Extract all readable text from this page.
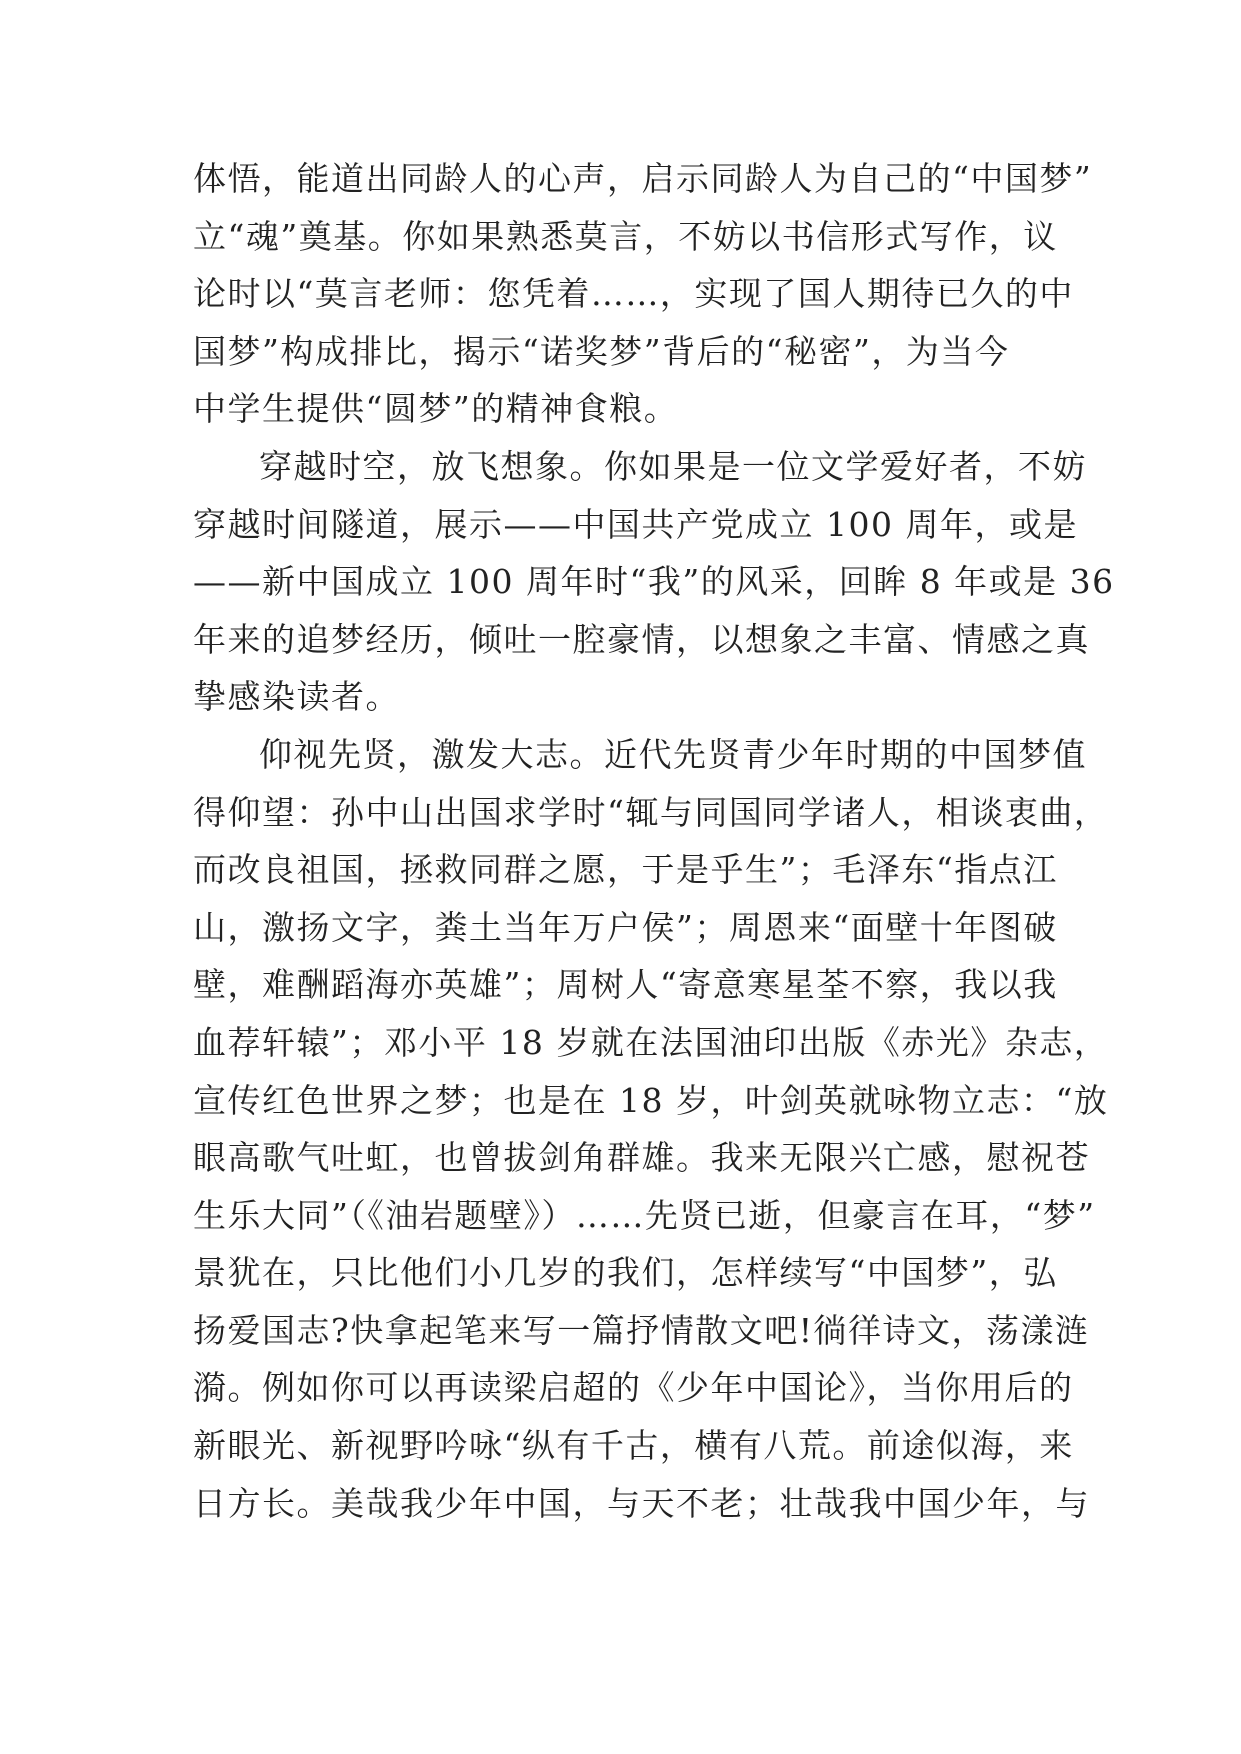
体悟，能道出同龄人的心声，启示同龄人为自己的“中国梦”
立“魂”奠基。你如果熟悉莫言，不妨以书信形式写作，议
论时以“莫言老师：您凭着……，实现了国人期待已久的中
国梦”构成排比，揭示“诺奖梦”背后的“秘密”，为当今
中学生提供“圆梦”的精神食粮。
穿越时空，放飞想象。你如果是一位文学爱好者，不妨
穿越时间隧道，展示——中国共产党成立 100 周年，或是
——新中国成立 100 周年时“我”的风采，回眸 8 年或是 36
年来的追梦经历，倾吐一腔豪情，以想象之丰富、情感之真
挚感染读者。
仰视先贤，激发大志。近代先贤青少年时期的中国梦值
得仰望：孙中山出国求学时“辄与同国同学诸人，相谈衷曲，
而改良祖国，拯救同群之愿，于是乎生”；毛泽东“指点江
山，激扬文字，粪土当年万户侯”；周恩来“面壁十年图破
壁，难酬蹈海亦英雄”；周树人“寄意寒星荃不察，我以我
血荐轩辕”；邓小平 18 岁就在法国油印出版《赤光》杂志，
宣传红色世界之梦；也是在 18 岁，叶剑英就咏物立志：“放
眼高歌气吐虹，也曾拔剑角群雄。我来无限兴亡感，慰祝苍
生乐大同”（《油岩题壁》）……先贤已逝，但豪言在耳，“梦”
景犹在，只比他们小几岁的我们，怎样续写“中国梦”，弘
扬爱国志?快拿起笔来写一篇抒情散文吧!徜徉诗文，荡漾涟
漪。例如你可以再读梁启超的《少年中国论》，当你用后的
新眼光、新视野吟咏“纵有千古，横有八荒。前途似海，来
日方长。美哉我少年中国，与天不老；壮哉我中国少年，与
